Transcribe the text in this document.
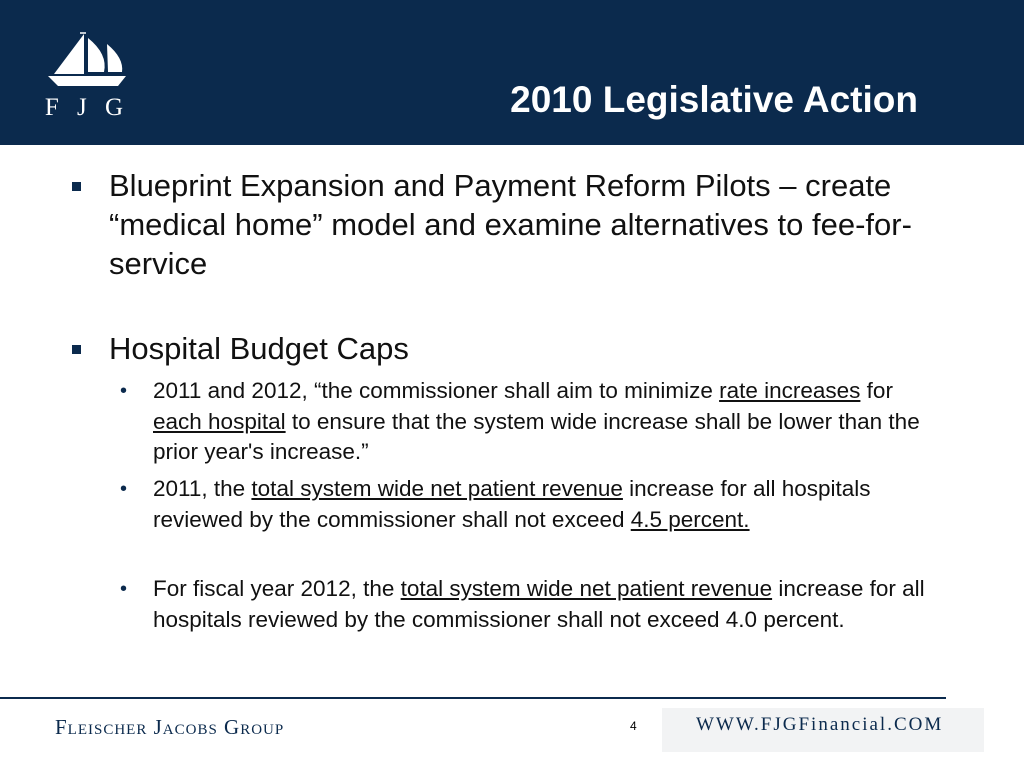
F J G	2010 Legislative Action
Blueprint Expansion and Payment Reform Pilots – create “medical home” model and examine alternatives to fee-for-service
Hospital Budget Caps
• 2011 and 2012, “the commissioner shall aim to minimize rate increases for each hospital to ensure that the system wide increase shall be lower than the prior year's increase.”
• 2011, the total system wide net patient revenue increase for all hospitals reviewed by the commissioner shall not exceed 4.5 percent.
• For fiscal year 2012, the total system wide net patient revenue increase for all hospitals reviewed by the commissioner shall not exceed 4.0 percent.
Fleischer Jacobs Group	4	WWW.FJGFinancial.COM
